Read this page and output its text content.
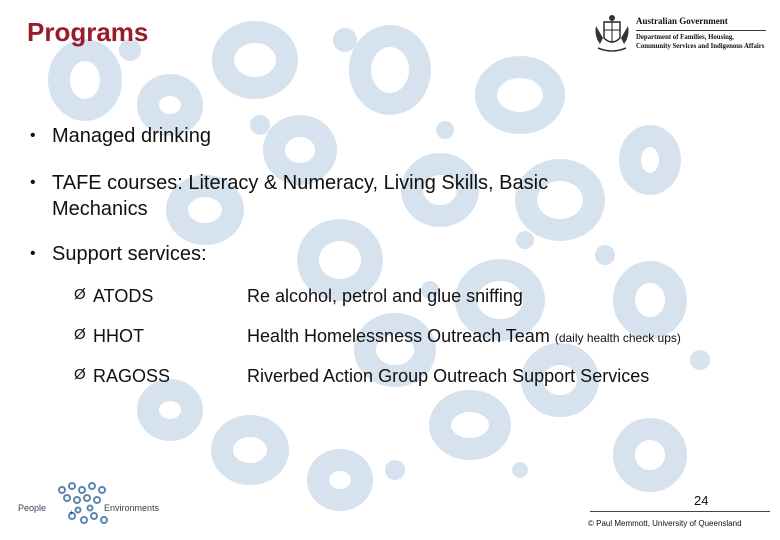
Programs	Australian Government
Department of Families, Housing,
Community Services and Indigenous Affairs
• Managed drinking
• TAFE courses: Literacy & Numeracy, Living Skills, Basic
Mechanics
• Support services:
Ø ATODS	Re alcohol, petrol and glue sniffing
Ø HHOT	Health Homelessness Outreach Team (daily health check ups)
Ø RAGOSS	Riverbed Action Group Outreach Support Services
People	+	Environments	24
© Paul Memmott, University of Queensland
